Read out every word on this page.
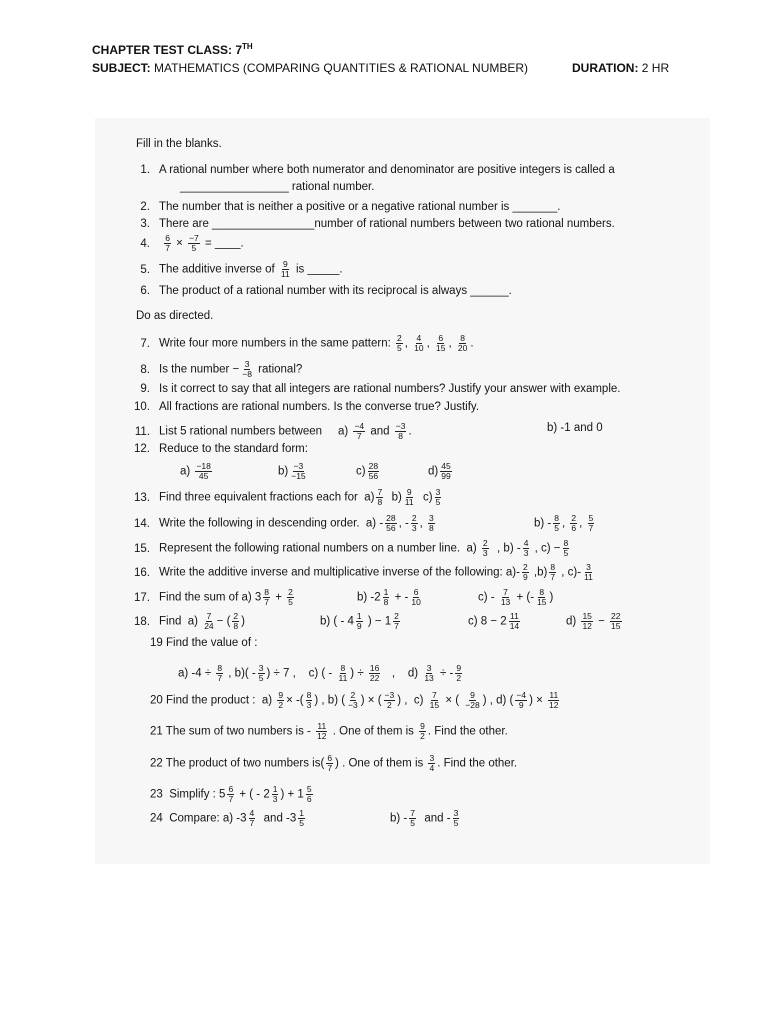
CHAPTER TEST CLASS: 7TH
SUBJECT: MATHEMATICS (COMPARING QUANTITIES & RATIONAL NUMBER)	DURATION: 2 HR
Fill in the blanks.
1. A rational number where both numerator and denominator are positive integers is called a
_________________ rational number.
2. The number that is neither a positive or a negative rational number is _______.
3. There are ________________number of rational numbers between two rational numbers.
4. $\frac{6}{7} \times \frac{-7}{5}$ = ____.
5. The additive inverse of $\frac{9}{11}$ is _____.
6. The product of a rational number with its reciprocal is always ______.
Do as directed.
7. Write four more numbers in the same pattern: $\frac{2}{5}$ , $\frac{4}{10}$ , $\frac{6}{15}$ , $\frac{8}{20}$ .
8. Is the number − $\frac{3}{-8}$ rational?
9. Is it correct to say that all integers are rational numbers? Justify your answer with example.
10. All fractions are rational numbers. Is the converse true? Justify.
11. List 5 rational numbers between $a) \frac{-4}{7}$ and $\frac{-3}{8}$ .	b) -1 and 0
12. Reduce to the standard form:
$a) \frac{-18}{45}$	$b) \frac{-3}{-15}$	$c) \frac{28}{56}$	$d) \frac{45}{99}$
13. Find three equivalent fractions each for $a) \frac{7}{8} b) \frac{9}{11} c) \frac{3}{5}$
14. Write the following in descending order. $a) - \frac{28}{56}$ , - $\frac{2}{3}$ , $\frac{3}{8}$	$b) - \frac{8}{5}$ , $\frac{2}{6}$ , $\frac{5}{7}$
15. Represent the following rational numbers on a number line. $a) \frac{2}{3}$ , $b) - \frac{4}{3}$ , $c) - \frac{8}{5}$
16. Write the additive inverse and multiplicative inverse of the following: $a)- \frac{2}{9} ,b) \frac{8}{7}$ , $c)- \frac{3}{11}$
17. Find the sum of a) $3 \frac{8}{7} + \frac{2}{5}$	b) $-2 \frac{1}{8}$ + - $\frac{6}{10}$	$c) - \frac{7}{13}$ + (- $\frac{8}{15}$ )
18. Find $a) \frac{7}{24}$ − ( $\frac{2}{8}$ )	b) ( - $4 \frac{1}{9}$ ) − $1 \frac{2}{7}$	c) $8 - 2 \frac{11}{14}$	$d) \frac{15}{12} - \frac{22}{15}$
19 Find the value of :
a) $-4 \div \frac{8}{7}$ , $b)( - \frac{3}{5}$ ) ÷ 7 , c) ( - $\frac{8}{11}$ ) ÷ $\frac{16}{22}$ , $d) \frac{3}{13}$ ÷ - $\frac{9}{2}$
20 Find the product : $a) \frac{9}{2}$ × -( $\frac{8}{3}$ ) , b) ( $\frac{2}{-3}$ ) × ( $\frac{-3}{2}$ ) , $c) \frac{7}{15}$ × ( $\frac{9}{-28}$ ) , d) ( $\frac{-4}{9}$ ) × $\frac{11}{12}$
21 The sum of two numbers is - $\frac{11}{12}$ . One of them is $\frac{9}{2}$ . Find the other.
22 The product of two numbers $is( \frac{6}{7}$ ) . One of them is $\frac{3}{4}$ . Find the other.
23 Simplify : $5 \frac{6}{7}$ + ( - $2 \frac{1}{3}$ ) + $1 \frac{5}{6}$
24 Compare: a) $-3 \frac{4}{7}$ and $-3 \frac{1}{5}$	$b) - \frac{7}{5}$ and - $\frac{3}{5}$
